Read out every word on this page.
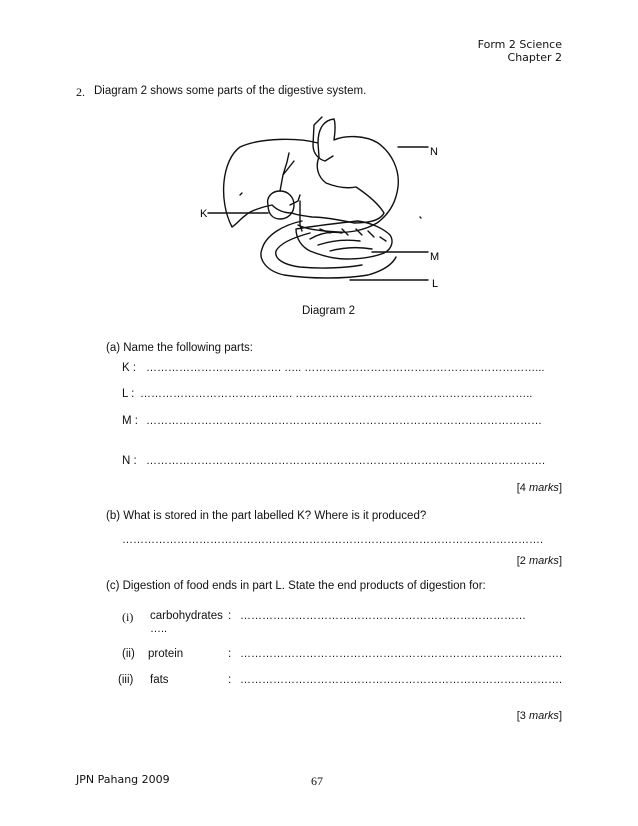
Form 2 Science
Chapter 2
2. Diagram 2 shows some parts of the digestive system.
K
N
M
L
Diagram 2
(a) Name the following parts:
K : ………………………………. ….. ………………………………………………………...
L : ………………………………..…. ………………………………………………………..
M : ………………………………………………………………………………………………
N : ……………………………………………………………………………………………….
[4 marks]
(b) What is stored in the part labelled K? Where is it produced?
…………………………………………………………………………………………………….
[2 marks]
(c) Digestion of food ends in part L. State the end products of digestion for:
(i) carbohydrates : ……………………………………………………………………
…..
(ii) protein	: …………………………………………………………………………….
(iii) fats	: …………………………………………………………………………….
[3 marks]
JPN Pahang 2009	67
